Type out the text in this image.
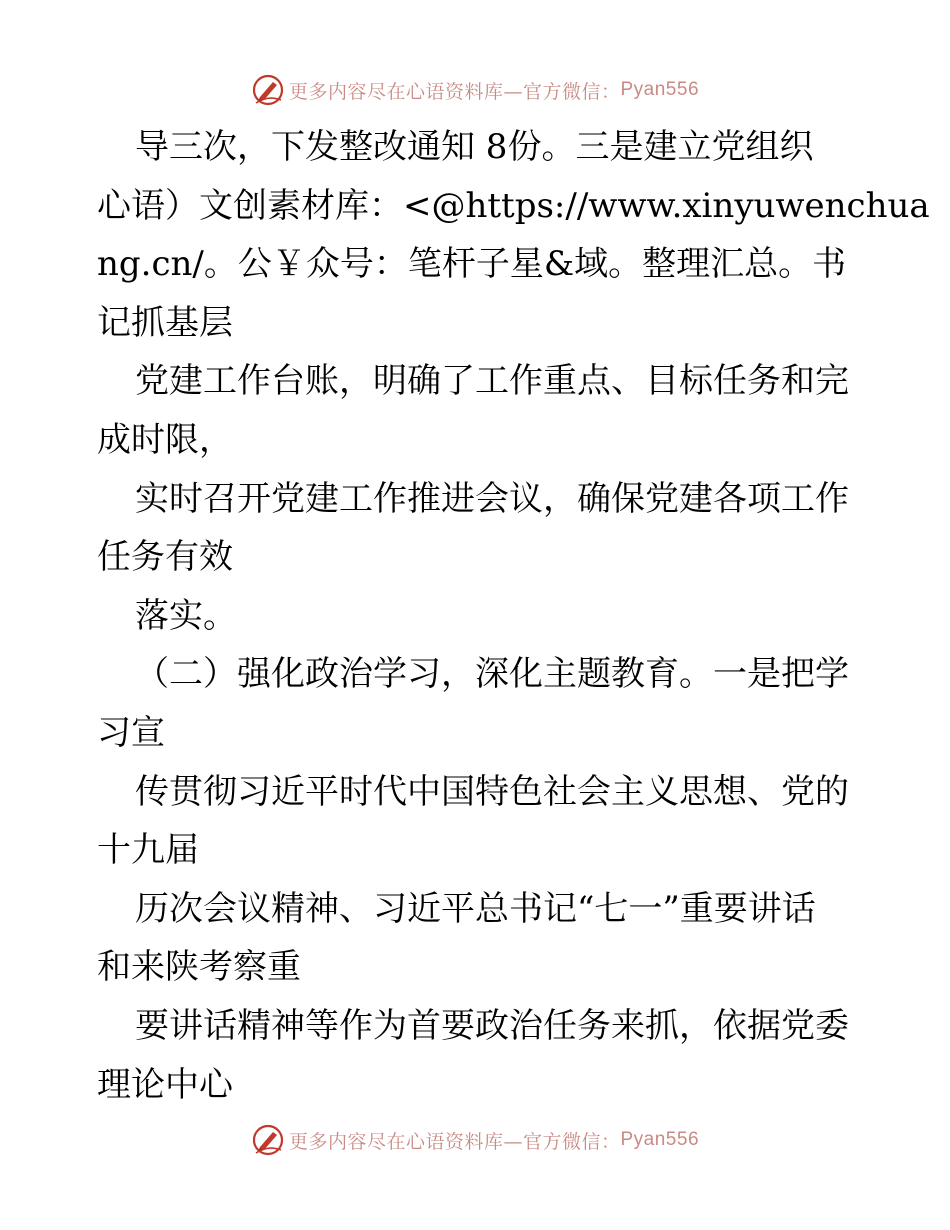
更多内容尽在心语资料库—官方微信： Pyan556
导三次，下发整改通知 8份。三是建立党组织
心语）文创素材库：<@https://www.xinyuwenchua
ng.cn/。公￥众号：笔杆子星&域。整理汇总。书
记抓基层
党建工作台账，明确了工作重点、目标任务和完
成时限，
实时召开党建工作推进会议，确保党建各项工作
任务有效
落实。
（二）强化政治学习，深化主题教育。一是把学
习宣
传贯彻习近平时代中国特色社会主义思想、党的
十九届
历次会议精神、习近平总书记“七一”重要讲话
和来陕考察重
要讲话精神等作为首要政治任务来抓，依据党委
理论中心
更多内容尽在心语资料库—官方微信： Pyan556
